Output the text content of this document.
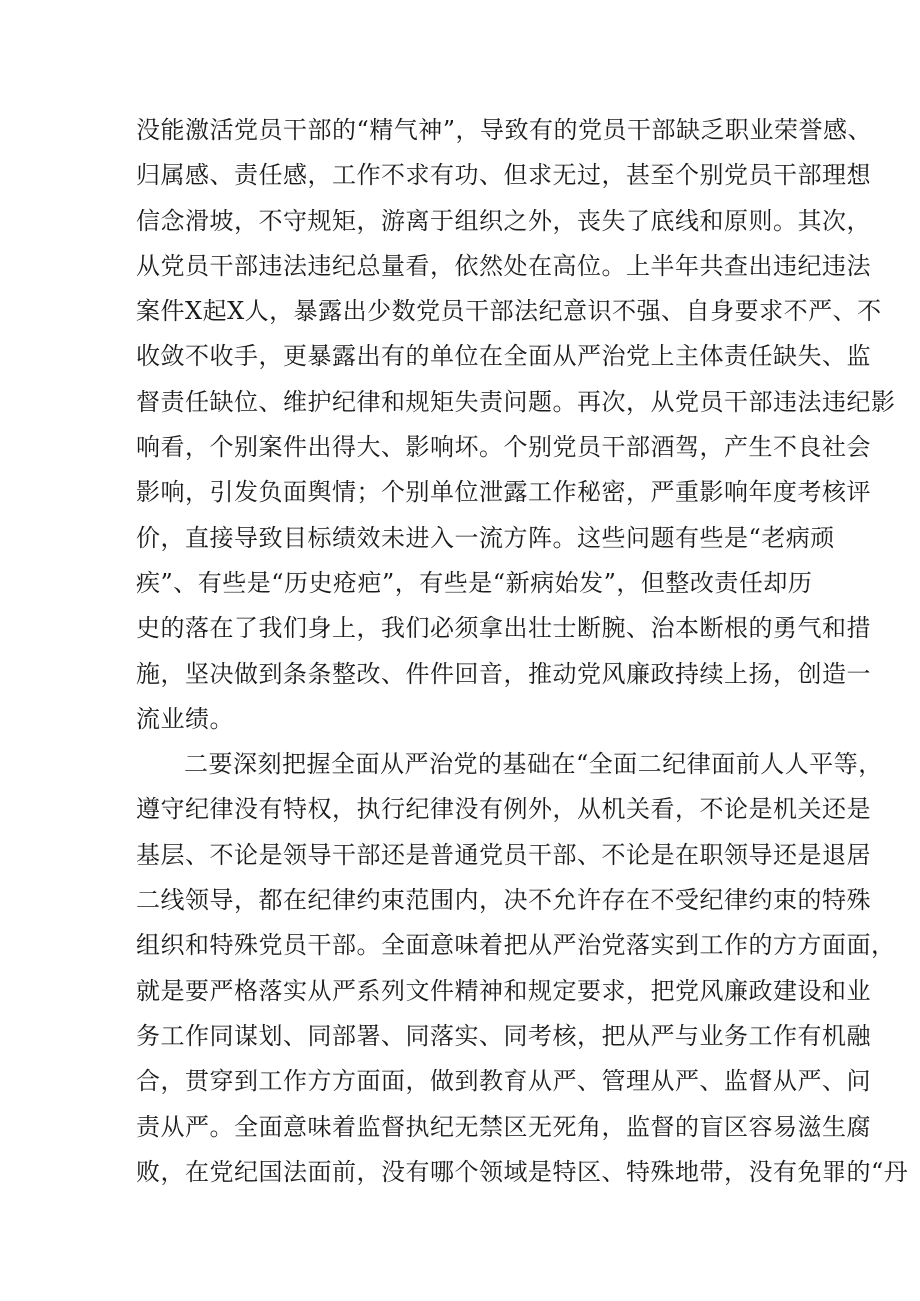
没能激活党员干部的“精气神”，导致有的党员干部缺乏职业荣誉感、
归属感、责任感，工作不求有功、但求无过，甚至个别党员干部理想
信念滑坡，不守规矩，游离于组织之外，丧失了底线和原则。其次，
从党员干部违法违纪总量看，依然处在高位。上半年共查出违纪违法
案件X起X人，暴露出少数党员干部法纪意识不强、自身要求不严、不
收敛不收手，更暴露出有的单位在全面从严治党上主体责任缺失、监
督责任缺位、维护纪律和规矩失责问题。再次，从党员干部违法违纪影
响看，个别案件出得大、影响坏。个别党员干部酒驾，产生不良社会
影响，引发负面舆情；个别单位泄露工作秘密，严重影响年度考核评
价，直接导致目标绩效未进入一流方阵。这些问题有些是“老病顽
疾”、有些是“历史疮疤”，有些是“新病始发”，但整改责任却历
史的落在了我们身上，我们必须拿出壮士断腕、治本断根的勇气和措
施，坚决做到条条整改、件件回音，推动党风廉政持续上扬，创造一
流业绩。
二要深刻把握全面从严治党的基础在“全面二纪律面前人人平等，
遵守纪律没有特权，执行纪律没有例外，从机关看，不论是机关还是
基层、不论是领导干部还是普通党员干部、不论是在职领导还是退居
二线领导，都在纪律约束范围内，决不允许存在不受纪律约束的特殊
组织和特殊党员干部。全面意味着把从严治党落实到工作的方方面面，
就是要严格落实从严系列文件精神和规定要求，把党风廉政建设和业
务工作同谋划、同部署、同落实、同考核，把从严与业务工作有机融
合，贯穿到工作方方面面，做到教育从严、管理从严、监督从严、问
责从严。全面意味着监督执纪无禁区无死角，监督的盲区容易滋生腐
败，在党纪国法面前，没有哪个领域是特区、特殊地带，没有免罪的“丹
